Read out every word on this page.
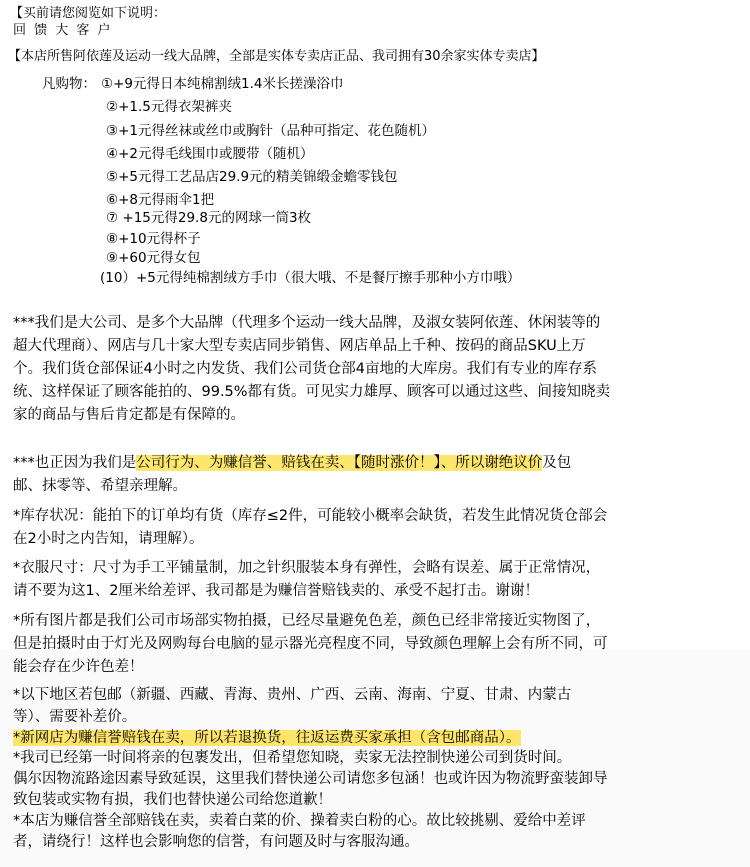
【买前请您阅览如下说明：
回 馈 大 客 户
【本店所售阿依莲及运动一线大品牌，全部是实体专卖店正品、我司拥有30余家实体专卖店】
凡购物： ①+9元得日本纯棉割绒1.4米长搓澡浴巾
②+1.5元得衣架裤夹
③+1元得丝袜或丝巾或胸针（品种可指定、花色随机）
④+2元得毛线围巾或腰带（随机）
⑤+5元得工艺品店29.9元的精美锦缎金蟾零钱包
⑥+8元得雨伞1把
⑦ +15元得29.8元的网球一筒3枚
⑧+10元得杯子
⑨+60元得女包
(10）+5元得纯棉割绒方手巾（很大哦、不是餐厅擦手那种小方巾哦）
***我们是大公司、是多个大品牌（代理多个运动一线大品牌，及淑女装阿依莲、休闲装等的
超大代理商）、网店与几十家大型专卖店同步销售、网店单品上千种、按码的商品SKU上万
个。我们货仓部保证4小时之内发货、我们公司货仓部4亩地的大库房。我们有专业的库存系
统、这样保证了顾客能拍的、99.5%都有货。可见实力雄厚、顾客可以通过这些、间接知晓卖
家的商品与售后肯定都是有保障的。
***也正因为我们是公司行为、为赚信誉、赔钱在卖、【随时涨价！】、所以谢绝议价及包
邮、抹零等、希望亲理解。
*库存状况：能拍下的订单均有货（库存≤2件，可能较小概率会缺货，若发生此情况货仓部会
在2小时之内告知，请理解）。
*衣服尺寸：尺寸为手工平铺量制，加之针织服装本身有弹性，会略有误差、属于正常情况，
请不要为这1、2厘米给差评、我司都是为赚信誉赔钱卖的、承受不起打击。谢谢！
*所有图片都是我们公司市场部实物拍摄，已经尽量避免色差，颜色已经非常接近实物图了，
但是拍摄时由于灯光及网购每台电脑的显示器光亮程度不同，导致颜色理解上会有所不同，可
能会存在少许色差！
*以下地区若包邮（新疆、西藏、青海、贵州、广西、云南、海南、宁夏、甘肃、内蒙古
等）、需要补差价。
*新网店为赚信誉赔钱在卖，所以若退换货，往返运费买家承担（含包邮商品）。
*我司已经第一时间将亲的包裹发出，但希望您知晓，卖家无法控制快递公司到货时间。
偶尔因物流路途因素导致延误，这里我们替快递公司请您多包涵！也或许因为物流野蛮装卸导
致包装或实物有损，我们也替快递公司给您道歉！
*本店为赚信誉全部赔钱在卖，卖着白菜的价、操着卖白粉的心。故比较挑剔、爱给中差评
者，请绕行！这样也会影响您的信誉，有问题及时与客服沟通。
